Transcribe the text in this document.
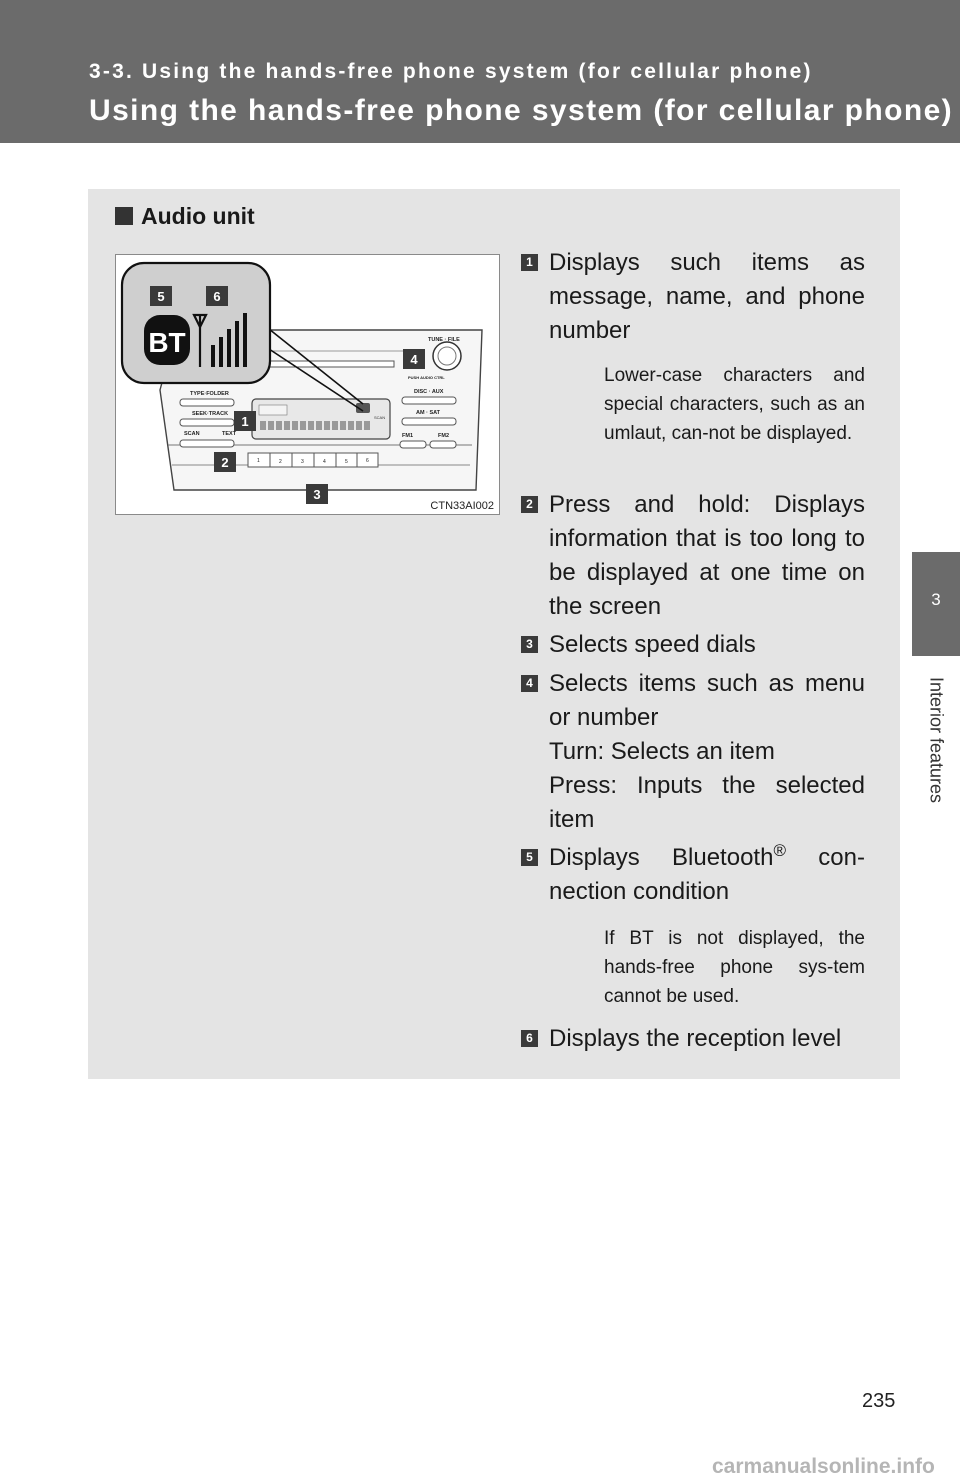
3-3. Using the hands-free phone system (for cellular phone)
Using the hands-free phone system (for cellular phone)
3
Interior features
Audio unit
TUNE · FILE
PUSH AUDIO CTRL
DISC · AUX
AM · SAT
FM1	FM2
TYPE·FOLDER
SEEK·TRACK
SCAN	TEXT
SCAN
1	2	3	4	5	6
BT
5	6
4
1
2
3
CTN33AI002
1 Displays such items as message, name, and phone number
Lower-case characters and special characters, such as an umlaut, can-not be displayed.
2 Press and hold: Displays information that is too long to be displayed at one time on the screen
3 Selects speed dials
4 Selects items such as menu or number
Turn: Selects an item
Press: Inputs the selected item
5 Displays Bluetooth® con-nection condition
If BT is not displayed, the hands-free phone sys-tem cannot be used.
6 Displays the reception level
235
carmanualsonline.info
